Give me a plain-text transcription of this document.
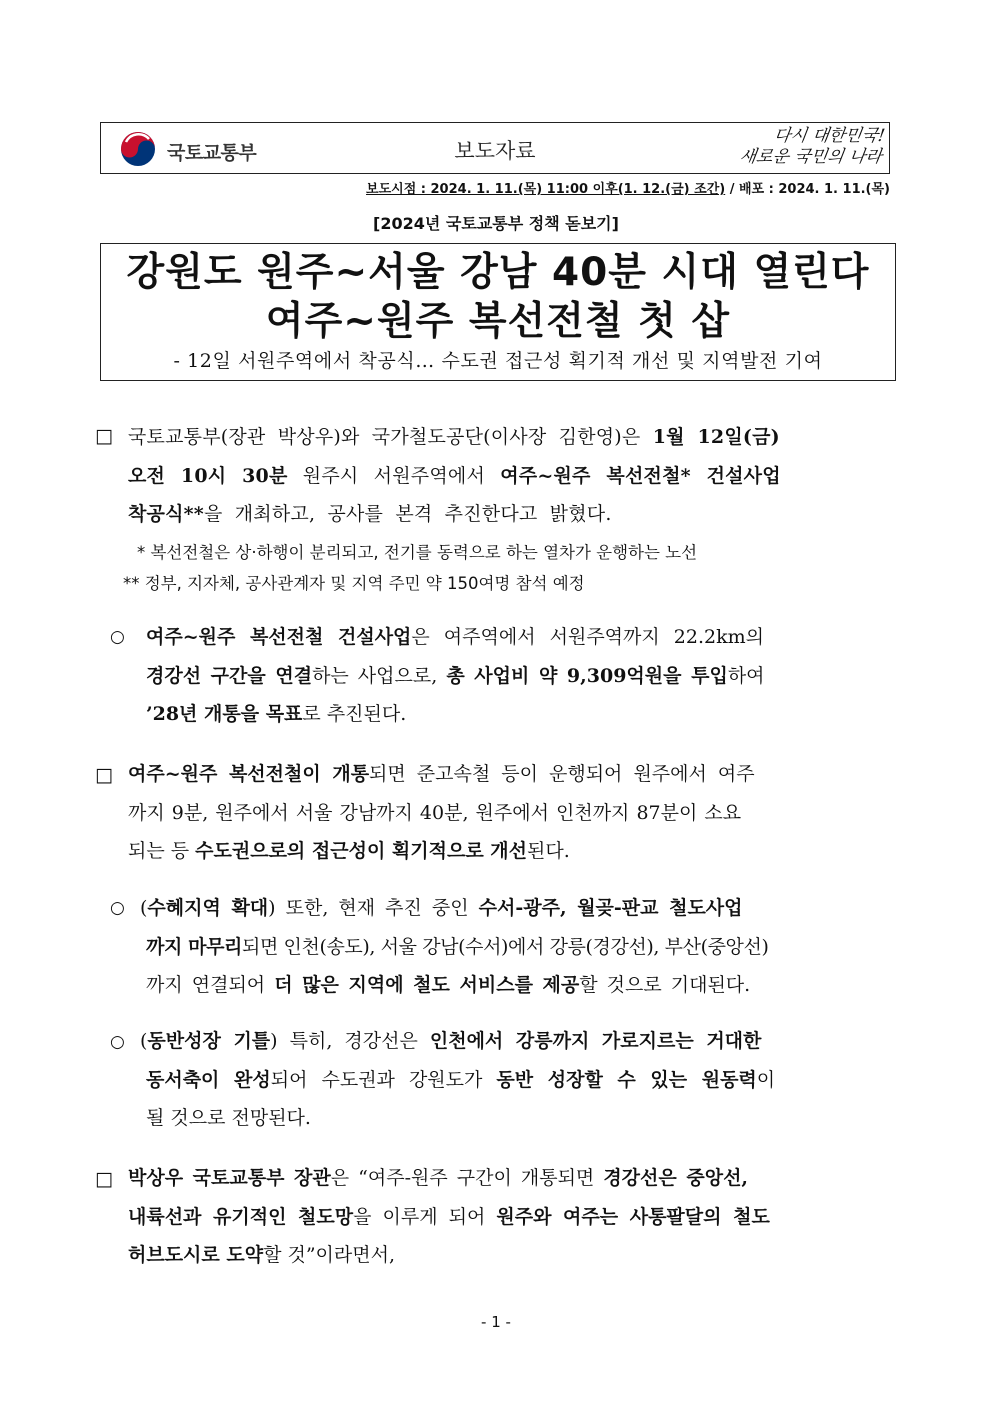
국토교통부	보도자료
다시 대한민국!
새로운 국민의 나라
보도시점 : 2024. 1. 11.(목) 11:00 이후(1. 12.(금) 조간) / 배포 : 2024. 1. 11.(목)
[2024년 국토교통부 정책 돋보기]
강원도 원주~서울 강남 40분 시대 열린다
여주~원주 복선전철 첫 삽
- 12일 서원주역에서 착공식… 수도권 접근성 획기적 개선 및 지역발전 기여
□ 국토교통부(장관 박상우)와 국가철도공단(이사장 김한영)은 1월 12일(금)
오전 10시 30분 원주시 서원주역에서 여주~원주 복선전철* 건설사업
착공식**을 개최하고, 공사를 본격 추진한다고 밝혔다.
* 복선전철은 상·하행이 분리되고, 전기를 동력으로 하는 열차가 운행하는 노선
** 정부, 지자체, 공사관계자 및 지역 주민 약 150여명 참석 예정
○ 여주~원주 복선전철 건설사업은 여주역에서 서원주역까지 22.2km의
경강선 구간을 연결하는 사업으로, 총 사업비 약 9,309억원을 투입하여
’28년 개통을 목표로 추진된다.
□ 여주~원주 복선전철이 개통되면 준고속철 등이 운행되어 원주에서 여주
까지 9분, 원주에서 서울 강남까지 40분, 원주에서 인천까지 87분이 소요
되는 등 수도권으로의 접근성이 획기적으로 개선된다.
○ (수혜지역 확대) 또한, 현재 추진 중인 수서-광주, 월곶-판교 철도사업
까지 마무리되면 인천(송도), 서울 강남(수서)에서 강릉(경강선), 부산(중앙선)
까지 연결되어 더 많은 지역에 철도 서비스를 제공할 것으로 기대된다.
○ (동반성장 기틀) 특히, 경강선은 인천에서 강릉까지 가로지르는 거대한
동서축이 완성되어 수도권과 강원도가 동반 성장할 수 있는 원동력이
될 것으로 전망된다.
□ 박상우 국토교통부 장관은 “여주-원주 구간이 개통되면 경강선은 중앙선,
내륙선과 유기적인 철도망을 이루게 되어 원주와 여주는 사통팔달의 철도
허브도시로 도약할 것”이라면서,
- 1 -
